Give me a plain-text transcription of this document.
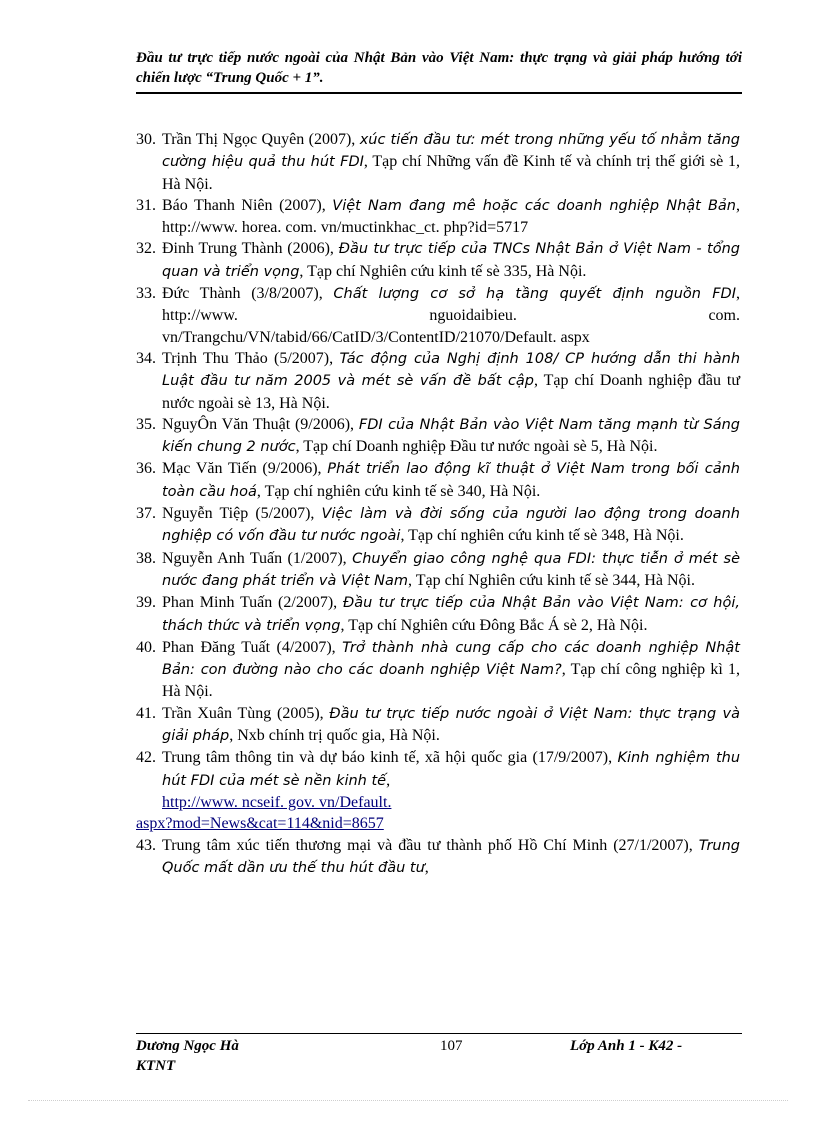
Đầu tư trực tiếp nước ngoài của Nhật Bản vào Việt Nam: thực trạng và giải pháp hướng tới chiến lược “Trung Quốc + 1”.
30. Trần Thị Ngọc Quyên (2007), xúc tiến đầu tư: mét trong những yếu tố nhằm tăng cường hiệu quả thu hút FDI, Tạp chí Những vấn đề Kinh tế và chính trị thế giới sè 1, Hà Nội.
31. Báo Thanh Niên (2007), Việt Nam đang mê hoặc các doanh nghiệp Nhật Bản, http://www. horea. com. vn/muctinkhac_ct. php?id=5717
32. Đinh Trung Thành (2006), Đầu tư trực tiếp của TNCs Nhật Bản ở Việt Nam - tổng quan và triển vọng, Tạp chí Nghiên cứu kinh tế sè 335, Hà Nội.
33. Đức Thành (3/8/2007), Chất lượng cơ sở hạ tầng quyết định nguồn FDI, http://www. nguoidaibieu. com. vn/Trangchu/VN/tabid/66/CatID/3/ContentID/21070/Default. aspx
34. Trịnh Thu Thảo (5/2007), Tác động của Nghị định 108/ CP hướng dẫn thi hành Luật đầu tư năm 2005 và mét sè vấn đề bất cập, Tạp chí Doanh nghiệp đầu tư nước ngoài sè 13, Hà Nội.
35. NguyÔn Văn Thuật (9/2006), FDI của Nhật Bản vào Việt Nam tăng mạnh từ Sáng kiến chung 2 nước, Tạp chí Doanh nghiệp Đầu tư nước ngoài sè 5, Hà Nội.
36. Mạc Văn Tiến (9/2006), Phát triển lao động kĩ thuật ở Việt Nam trong bối cảnh toàn cầu hoá, Tạp chí nghiên cứu kinh tế sè 340, Hà Nội.
37. Nguyễn Tiệp (5/2007), Việc làm và đời sống của người lao động trong doanh nghiệp có vốn đầu tư nước ngoài, Tạp chí nghiên cứu kinh tế sè 348, Hà Nội.
38. Nguyễn Anh Tuấn (1/2007), Chuyển giao công nghệ qua FDI: thực tiễn ở mét sè nước đang phát triển và Việt Nam, Tạp chí Nghiên cứu kinh tế sè 344, Hà Nội.
39. Phan Minh Tuấn (2/2007), Đầu tư trực tiếp của Nhật Bản vào Việt Nam: cơ hội, thách thức và triển vọng, Tạp chí Nghiên cứu Đông Bắc Á sè 2, Hà Nội.
40. Phan Đăng Tuất (4/2007), Trở thành nhà cung cấp cho các doanh nghiệp Nhật Bản: con đường nào cho các doanh nghiệp Việt Nam?, Tạp chí công nghiệp kì 1, Hà Nội.
41. Trần Xuân Tùng (2005), Đầu tư trực tiếp nước ngoài ở Việt Nam: thực trạng và giải pháp, Nxb chính trị quốc gia, Hà Nội.
42. Trung tâm thông tin và dự báo kinh tế, xã hội quốc gia (17/9/2007), Kinh nghiệm thu hút FDI của mét sè nền kinh tế,
http://www. ncseif. gov. vn/Default.
aspx?mod=News&cat=114&nid=8657
43. Trung tâm xúc tiến thương mại và đầu tư thành phố Hồ Chí Minh (27/1/2007), Trung Quốc mất dần ưu thế thu hút đầu tư,
Dương Ngọc Hà
KTNT
107	Lớp Anh 1 - K42 -
